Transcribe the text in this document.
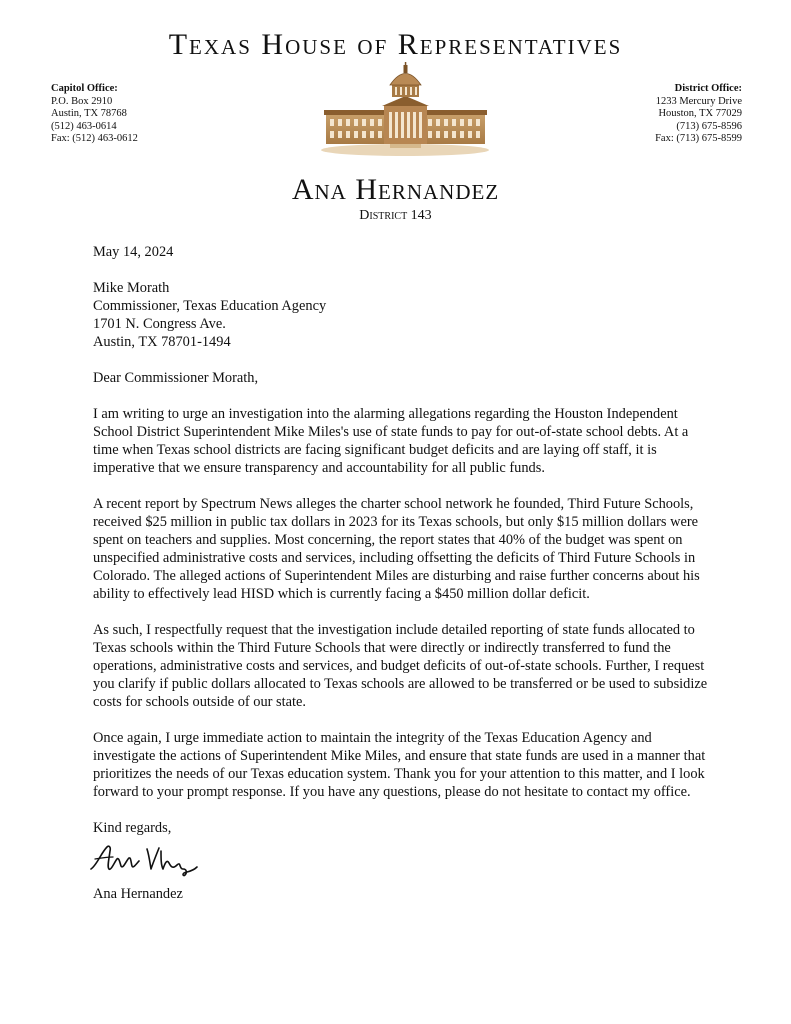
Texas House of Representatives
Capitol Office:
P.O. Box 2910
Austin, TX 78768
(512) 463-0614
Fax: (512) 463-0612
District Office:
1233 Mercury Drive
Houston, TX 77029
(713) 675-8596
Fax: (713) 675-8599
Ana Hernandez
District 143

May 14, 2024

Mike Morath

Commissioner, Texas Education Agency

1701 N. Congress Ave.

Austin, TX 78701-1494

Dear Commissioner Morath,

I am writing to urge an investigation into the alarming allegations regarding the Houston Independent School District Superintendent Mike Miles's use of state funds to pay for out-of-state school debts. At a time when Texas school districts are facing significant budget deficits and are laying off staff, it is imperative that we ensure transparency and accountability for all public funds.

A recent report by Spectrum News alleges the charter school network he founded, Third Future Schools, received $25 million in public tax dollars in 2023 for its Texas schools, but only $15 million dollars were spent on teachers and supplies. Most concerning, the report states that 40% of the budget was spent on unspecified administrative costs and services, including offsetting the deficits of Third Future Schools in Colorado. The alleged actions of Superintendent Miles are disturbing and raise further concerns about his ability to effectively lead HISD which is currently facing a $450 million dollar deficit.

As such, I respectfully request that the investigation include detailed reporting of state funds allocated to Texas schools within the Third Future Schools that were directly or indirectly transferred to fund the operations, administrative costs and services, and budget deficits of out-of-state schools. Further, I request you clarify if public dollars allocated to Texas schools are allowed to be transferred or be used to subsidize costs for schools outside of our state.

Once again, I urge immediate action to maintain the integrity of the Texas Education Agency and investigate the actions of Superintendent Mike Miles, and ensure that state funds are used in a manner that prioritizes the needs of our Texas education system. Thank you for your attention to this matter, and I look forward to your prompt response. If you have any questions, please do not hesitate to contact my office.

Kind regards,

Ana Hernandez
